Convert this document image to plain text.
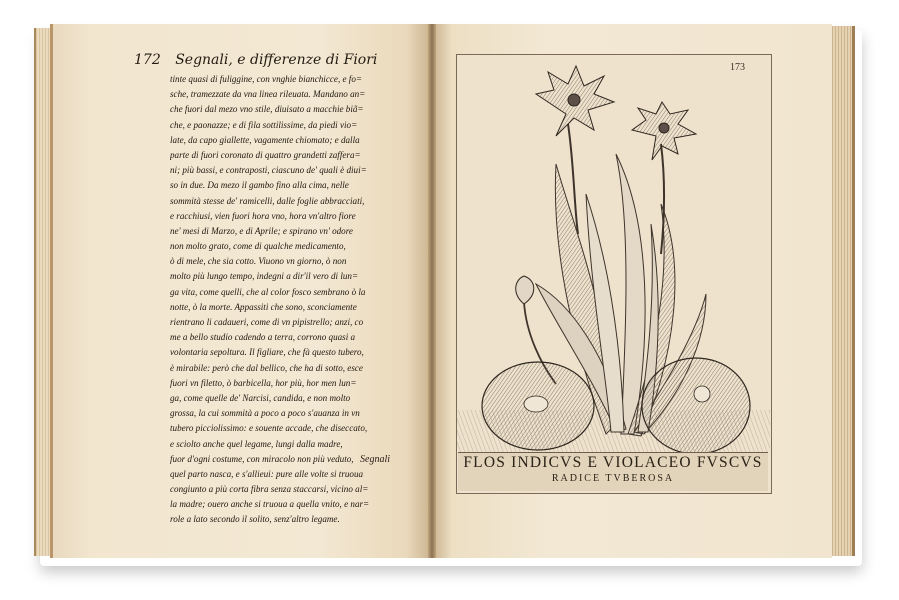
172 Segnali, e differenze di Fiori
tinte quasi di fuliggine, con vnghie bianchicce, e fo=
sche, tramezzate da vna linea rileuata. Mandano an=
che fuori dal mezo vno stile, diuisato a macchie biã=
che, e paonazze; e di fila sottilissime, da piedi vio=
late, da capo giallette, vagamente chiomato; e dalla
parte di fuori coronato di quattro grandetti zaffera=
ni; più bassi, e contraposti, ciascuno de' quali è diui=
so in due. Da mezo il gambo fino alla cima, nelle
sommità stesse de' ramicelli, dalle foglie abbracciati,
e racchiusi, vien fuori hora vno, hora vn'altro fiore
ne' mesi di Marzo, e di Aprile; e spirano vn' odore
non molto grato, come di qualche medicamento,
ò di mele, che sia cotto. Viuono vn giorno, ò non
molto più lungo tempo, indegni a dir'il vero di lun=
ga vita, come quelli, che al color fosco sembrano ò la
notte, ò la morte. Appassiti che sono, sconciamente
rientrano li cadaueri, come di vn pipistrello; anzi, co
me a bello studio cadendo a terra, corrono quasi a
volontaria sepoltura. Il figliare, che fà questo tubero,
è mirabile: però che dal bellico, che ha di sotto, esce
fuori vn filetto, ò barbicella, hor più, hor men lun=
ga, come quelle de' Narcisi, candida, e non molto
grossa, la cui sommità a poco a poco s'auanza in vn
tubero picciolissimo: e souente accade, che diseccato,
e sciolto anche quel legame, lungi dalla madre,
fuor d'ogni costume, con miracolo non più veduto,
quel parto nasca, e s'allieui: pure alle volte si truoua
congiunto a più corta fibra senza staccarsi, vicino al=
la madre; ouero anche si truoua a quella vnito, e nar=
role a lato secondo il solito, senz'altro legame.
Segnali
173
FLOS INDICVS E VIOLACEO FVSCVS
RADICE TVBEROSA
